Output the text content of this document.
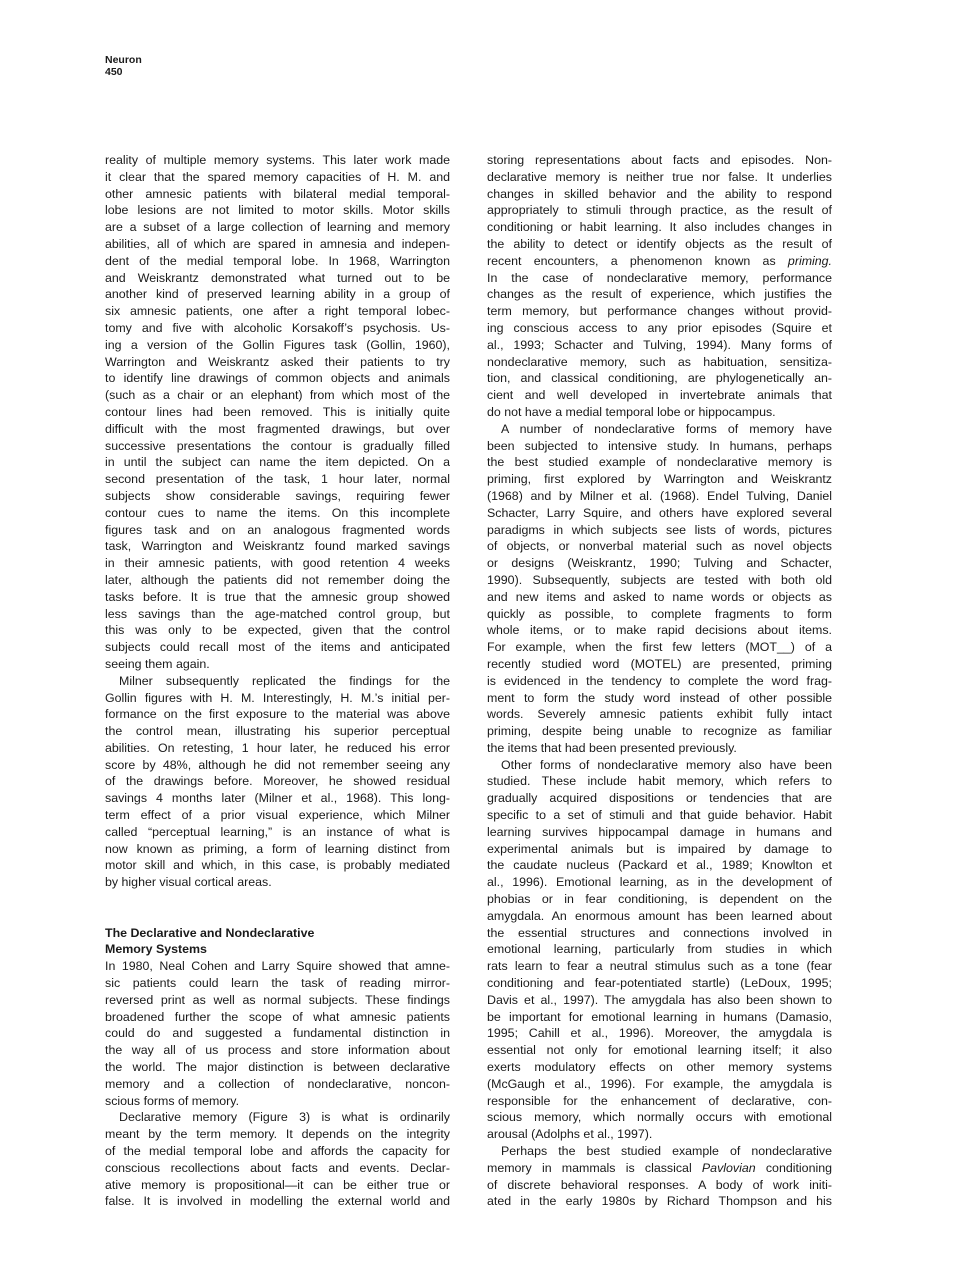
Neuron
450
reality of multiple memory systems. This later work made
it clear that the spared memory capacities of H. M. and
other amnesic patients with bilateral medial temporal-
lobe lesions are not limited to motor skills. Motor skills
are a subset of a large collection of learning and memory
abilities, all of which are spared in amnesia and indepen-
dent of the medial temporal lobe. In 1968, Warrington
and Weiskrantz demonstrated what turned out to be
another kind of preserved learning ability in a group of
six amnesic patients, one after a right temporal lobec-
tomy and five with alcoholic Korsakoff’s psychosis. Us-
ing a version of the Gollin Figures task (Gollin, 1960),
Warrington and Weiskrantz asked their patients to try
to identify line drawings of common objects and animals
(such as a chair or an elephant) from which most of the
contour lines had been removed. This is initially quite
difficult with the most fragmented drawings, but over
successive presentations the contour is gradually filled
in until the subject can name the item depicted. On a
second presentation of the task, 1 hour later, normal
subjects show considerable savings, requiring fewer
contour cues to name the items. On this incomplete
figures task and on an analogous fragmented words
task, Warrington and Weiskrantz found marked savings
in their amnesic patients, with good retention 4 weeks
later, although the patients did not remember doing the
tasks before. It is true that the amnesic group showed
less savings than the age-matched control group, but
this was only to be expected, given that the control
subjects could recall most of the items and anticipated
seeing them again.
Milner subsequently replicated the findings for the
Gollin figures with H. M. Interestingly, H. M.’s initial per-
formance on the first exposure to the material was above
the control mean, illustrating his superior perceptual
abilities. On retesting, 1 hour later, he reduced his error
score by 48%, although he did not remember seeing any
of the drawings before. Moreover, he showed residual
savings 4 months later (Milner et al., 1968). This long-
term effect of a prior visual experience, which Milner
called “perceptual learning,” is an instance of what is
now known as priming, a form of learning distinct from
motor skill and which, in this case, is probably mediated
by higher visual cortical areas.
The Declarative and Nondeclarative
Memory Systems
In 1980, Neal Cohen and Larry Squire showed that amne-
sic patients could learn the task of reading mirror-
reversed print as well as normal subjects. These findings
broadened further the scope of what amnesic patients
could do and suggested a fundamental distinction in
the way all of us process and store information about
the world. The major distinction is between declarative
memory and a collection of nondeclarative, noncon-
scious forms of memory.
Declarative memory (Figure 3) is what is ordinarily
meant by the term memory. It depends on the integrity
of the medial temporal lobe and affords the capacity for
conscious recollections about facts and events. Declar-
ative memory is propositional—it can be either true or
false. It is involved in modelling the external world and
storing representations about facts and episodes. Non-
declarative memory is neither true nor false. It underlies
changes in skilled behavior and the ability to respond
appropriately to stimuli through practice, as the result of
conditioning or habit learning. It also includes changes in
the ability to detect or identify objects as the result of
recent encounters, a phenomenon known as priming.
In the case of nondeclarative memory, performance
changes as the result of experience, which justifies the
term memory, but performance changes without provid-
ing conscious access to any prior episodes (Squire et
al., 1993; Schacter and Tulving, 1994). Many forms of
nondeclarative memory, such as habituation, sensitiza-
tion, and classical conditioning, are phylogenetically an-
cient and well developed in invertebrate animals that
do not have a medial temporal lobe or hippocampus.
A number of nondeclarative forms of memory have
been subjected to intensive study. In humans, perhaps
the best studied example of nondeclarative memory is
priming, first explored by Warrington and Weiskrantz
(1968) and by Milner et al. (1968). Endel Tulving, Daniel
Schacter, Larry Squire, and others have explored several
paradigms in which subjects see lists of words, pictures
of objects, or nonverbal material such as novel objects
or designs (Weiskrantz, 1990; Tulving and Schacter,
1990). Subsequently, subjects are tested with both old
and new items and asked to name words or objects as
quickly as possible, to complete fragments to form
whole items, or to make rapid decisions about items.
For example, when the first few letters (MOT__) of a
recently studied word (MOTEL) are presented, priming
is evidenced in the tendency to complete the word frag-
ment to form the study word instead of other possible
words. Severely amnesic patients exhibit fully intact
priming, despite being unable to recognize as familiar
the items that had been presented previously.
Other forms of nondeclarative memory also have been
studied. These include habit memory, which refers to
gradually acquired dispositions or tendencies that are
specific to a set of stimuli and that guide behavior. Habit
learning survives hippocampal damage in humans and
experimental animals but is impaired by damage to
the caudate nucleus (Packard et al., 1989; Knowlton et
al., 1996). Emotional learning, as in the development of
phobias or in fear conditioning, is dependent on the
amygdala. An enormous amount has been learned about
the essential structures and connections involved in
emotional learning, particularly from studies in which
rats learn to fear a neutral stimulus such as a tone (fear
conditioning and fear-potentiated startle) (LeDoux, 1995;
Davis et al., 1997). The amygdala has also been shown to
be important for emotional learning in humans (Damasio,
1995; Cahill et al., 1996). Moreover, the amygdala is
essential not only for emotional learning itself; it also
exerts modulatory effects on other memory systems
(McGaugh et al., 1996). For example, the amygdala is
responsible for the enhancement of declarative, con-
scious memory, which normally occurs with emotional
arousal (Adolphs et al., 1997).
Perhaps the best studied example of nondeclarative
memory in mammals is classical Pavlovian conditioning
of discrete behavioral responses. A body of work initi-
ated in the early 1980s by Richard Thompson and his
